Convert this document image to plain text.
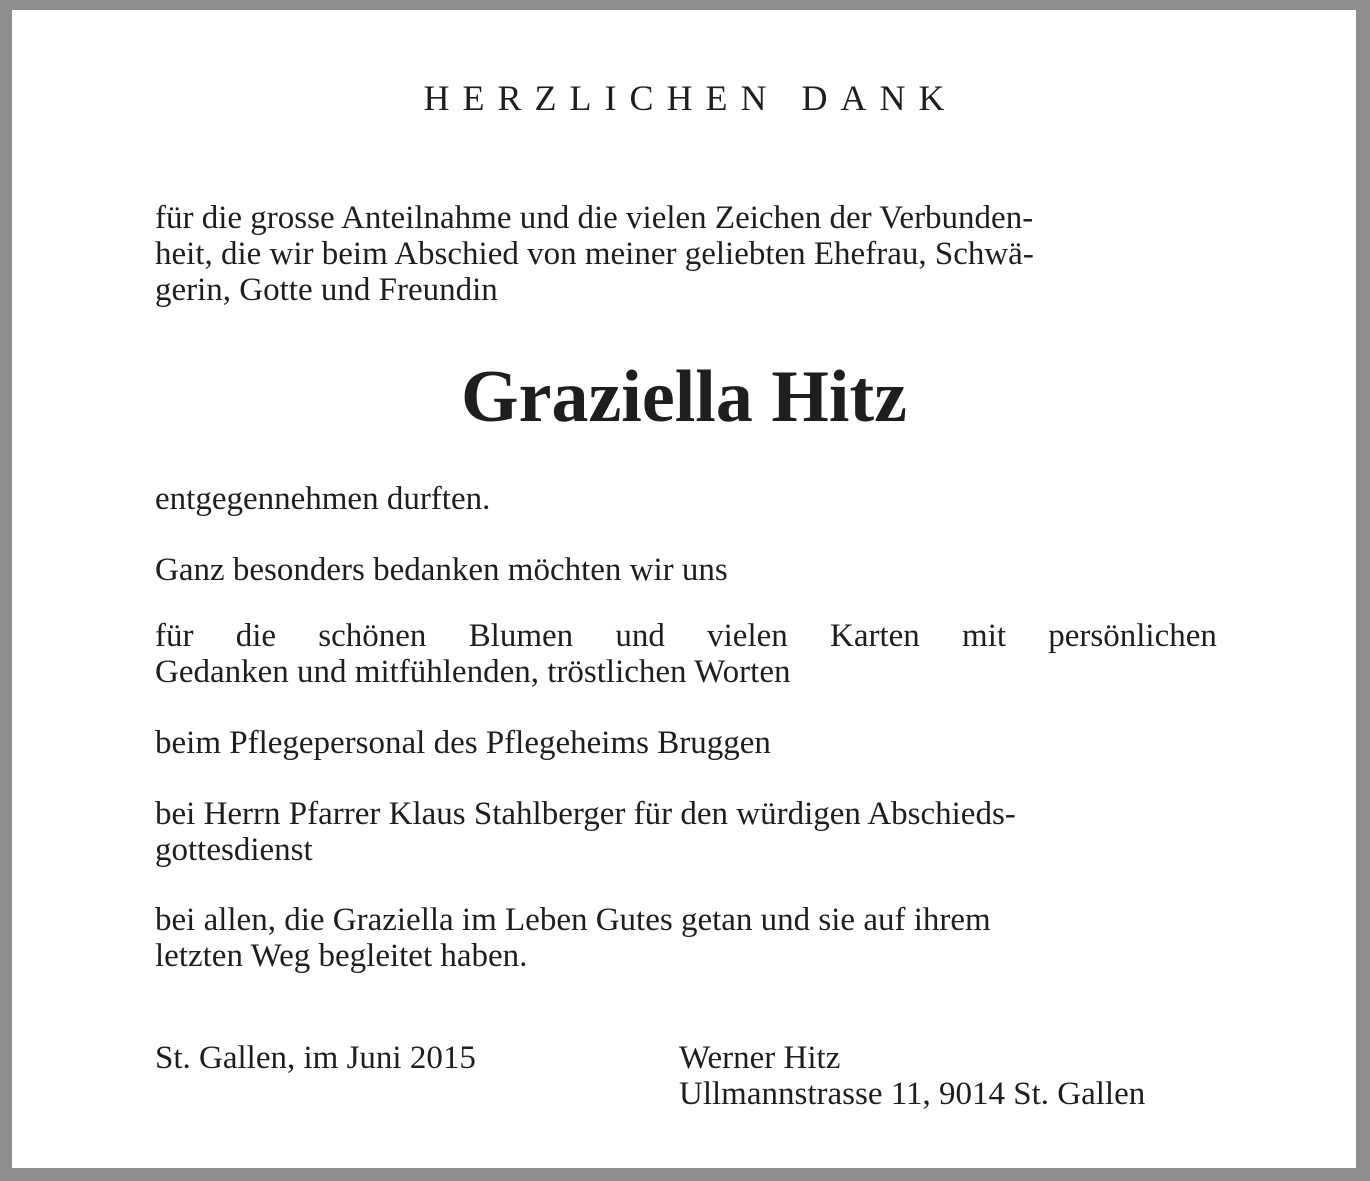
HERZLICHEN DANK
für die grosse Anteilnahme und die vielen Zeichen der Verbunden-
heit, die wir beim Abschied von meiner geliebten Ehefrau, Schwä-
gerin, Gotte und Freundin
Graziella Hitz
entgegennehmen durften.
Ganz besonders bedanken möchten wir uns
für die schönen Blumen und vielen Karten mit persönlichen
Gedanken und mitfühlenden, tröstlichen Worten
beim Pflegepersonal des Pflegeheims Bruggen
bei Herrn Pfarrer Klaus Stahlberger für den würdigen Abschieds-
gottesdienst
bei allen, die Graziella im Leben Gutes getan und sie auf ihrem
letzten Weg begleitet haben.
St. Gallen, im Juni 2015	Werner Hitz
Ullmannstrasse 11, 9014 St. Gallen
